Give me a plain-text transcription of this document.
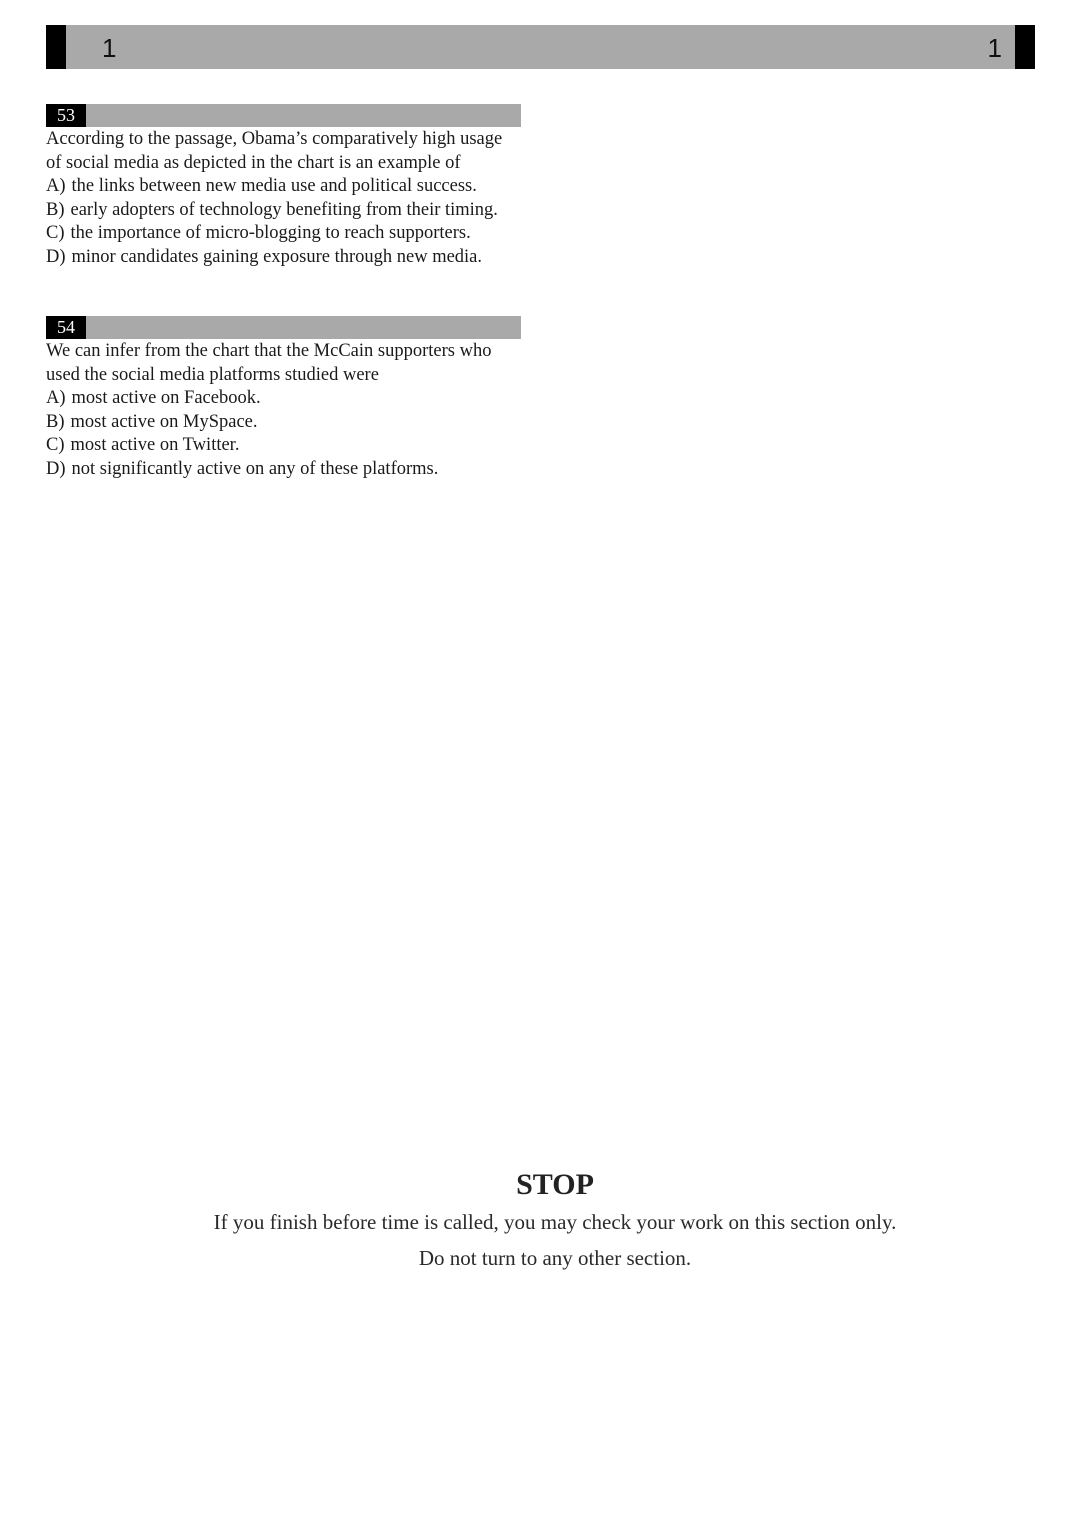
1	1
53
According to the passage, Obama’s comparatively high usage
of social media as depicted in the chart is an example of
A) the links between new media use and political success.
B) early adopters of technology benefiting from their timing.
C) the importance of micro-blogging to reach supporters.
D) minor candidates gaining exposure through new media.
54
We can infer from the chart that the McCain supporters who
used the social media platforms studied were
A) most active on Facebook.
B) most active on MySpace.
C) most active on Twitter.
D) not significantly active on any of these platforms.
STOP
If you finish before time is called, you may check your work on this section only.
Do not turn to any other section.
